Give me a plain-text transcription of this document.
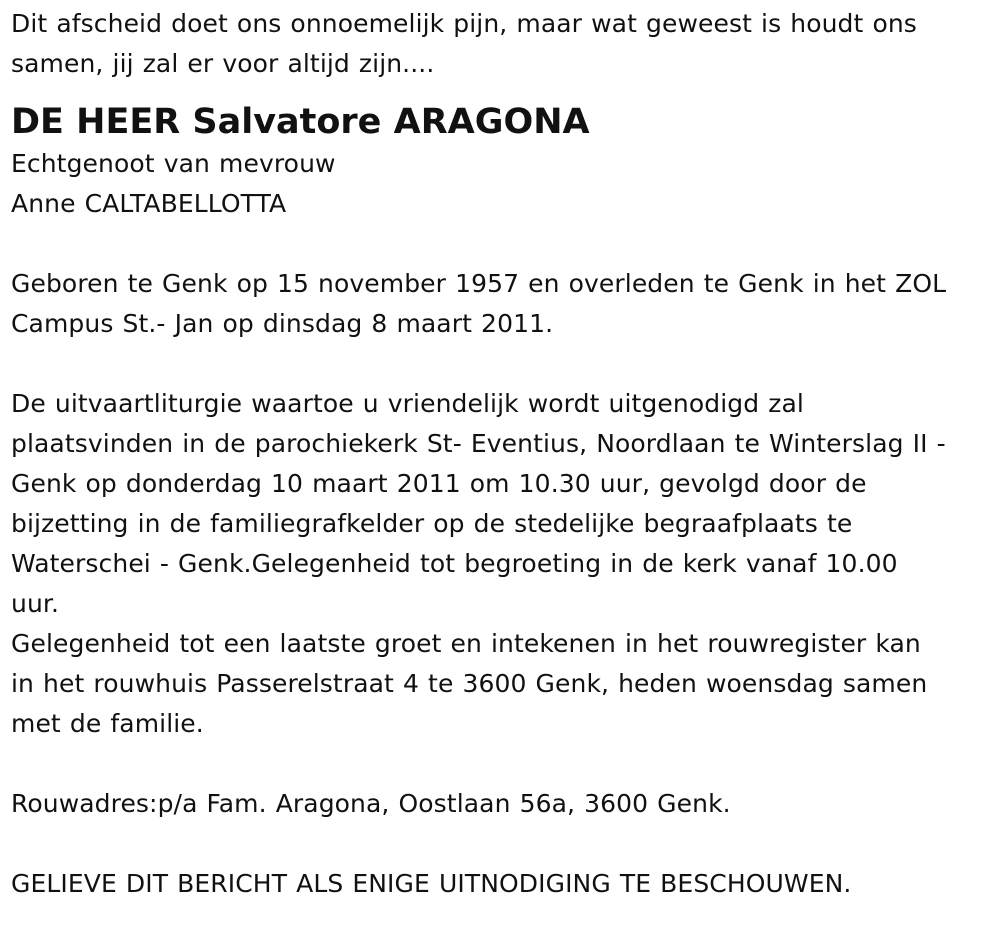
Dit afscheid doet ons onnoemelijk pijn, maar wat geweest is houdt ons

samen, jij zal er voor altijd zijn....

DE HEER Salvatore ARAGONA

Echtgenoot van mevrouw

Anne CALTABELLOTTA

Geboren te Genk op 15 november 1957 en overleden te Genk in het ZOL

Campus St.- Jan op dinsdag 8 maart 2011.

De uitvaartliturgie waartoe u vriendelijk wordt uitgenodigd zal

plaatsvinden in de parochiekerk St- Eventius, Noordlaan te Winterslag II -

Genk op donderdag 10 maart 2011 om 10.30 uur, gevolgd door de

bijzetting in de familiegrafkelder op de stedelijke begraafplaats te

Waterschei - Genk.Gelegenheid tot begroeting in de kerk vanaf 10.00

uur.

Gelegenheid tot een laatste groet en intekenen in het rouwregister kan

in het rouwhuis Passerelstraat 4 te 3600 Genk, heden woensdag samen

met de familie.

Rouwadres:p/a Fam. Aragona, Oostlaan 56a, 3600 Genk.

GELIEVE DIT BERICHT ALS ENIGE UITNODIGING TE BESCHOUWEN.
